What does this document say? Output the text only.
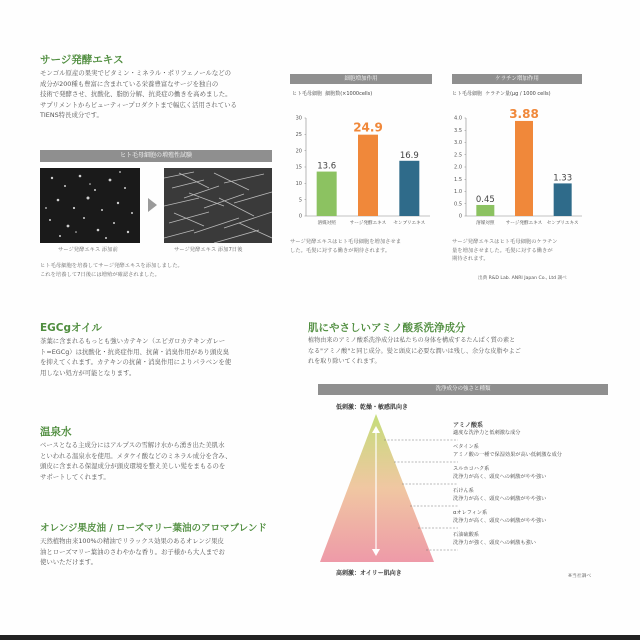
サージ発酵エキス
モンゴル原産の果実でビタミン・ミネラル・ポリフェノールなどの
成分が200種も豊富に含まれている栄養豊富なサージを独自の
技術で発酵させ、抗酸化、脂肪分解、抗炎症の働きを高めました。
サプリメントからビューティープロダクトまで幅広く活用されている
TIENS特長成分です。
ヒト毛母細胞の増殖性試験
サージ発酵エキス 添加前	サージ発酵エキス 添加7日後
ヒト毛母細胞を培養してサージ発酵エキスを添加しました。
これを培養して7日後には増殖が確認されました。
細胞増加作用
ヒト毛母細胞 細胞数(×1000cells)
0
5
10
15
20
25
30
13.6
溶媒対照
24.9
サージ発酵エキス
16.9
センブリエキス
サージ発酵エキスはヒト毛母細胞を増加させま
した。毛髪に対する働きが期待されます。
ケラチン増加作用
ヒト毛母細胞 ケラチン量(μg / 1000 cells)
0
0.5
1.0
1.5
2.0
2.5
3.0
3.5
4.0
0.45
溶媒対照
3.88
サージ発酵エキス
1.33
センブリエキス
サージ発酵エキスはヒト毛母細胞のケラチン
量を増加させました。毛髪に対する働きが
期待されます。
出典 R&D Lab. ANRI Japan Co., Ltd 調べ
EGCgオイル
茶葉に含まれるもっとも強いカテキン（エピガロカテキンガレー
ト=EGCg）は抗酸化・抗炎症作用、抗菌・消臭作用があり頭皮臭
を抑えてくれます。カテキンの抗菌・消臭作用によりパラベンを使
用しない処方が可能となります。
温泉水
ベースとなる主成分にはアルプスの雪解け水から湧き出た美肌水
といわれる温泉水を使用。メタケイ酸などのミネラル成分を含み、
頭皮に含まれる保湿成分が頭皮環境を整え美しい髪をまもるのを
サポートしてくれます。
オレンジ果皮油 / ローズマリー葉油のアロマブレンド
天然植物由来100%の精油でリラックス効果のあるオレンジ果皮
油とローズマリー葉油のさわやかな香り。お子様から大人までお
使いいただけます。
肌にやさしいアミノ酸系洗浄成分
植物由来のアミノ酸系洗浄成分は私たちの身体を構成するたんぱく質の素と
なる"アミノ酸"と同じ成分。髪と頭皮に必要な潤いは残し、余分な皮脂やよご
れを取り除いてくれます。
洗浄成分の強さと種類
低刺激：乾燥・敏感肌向き
アミノ酸系
適度な洗浄力と低刺激な成分
ベタイン系
アミノ酸の一種で保湿効果が高い低刺激な成分
スルホコハク系
洗浄力が高く、頭皮への刺激がやや強い
石けん系
洗浄力が高く、頭皮への刺激がやや強い
αオレフィン系
洗浄力が高く、頭皮への刺激がやや強い
石油硫酸系
洗浄力が強く、頭皮への刺激も強い
高刺激：オイリー肌向き	※当社調べ
